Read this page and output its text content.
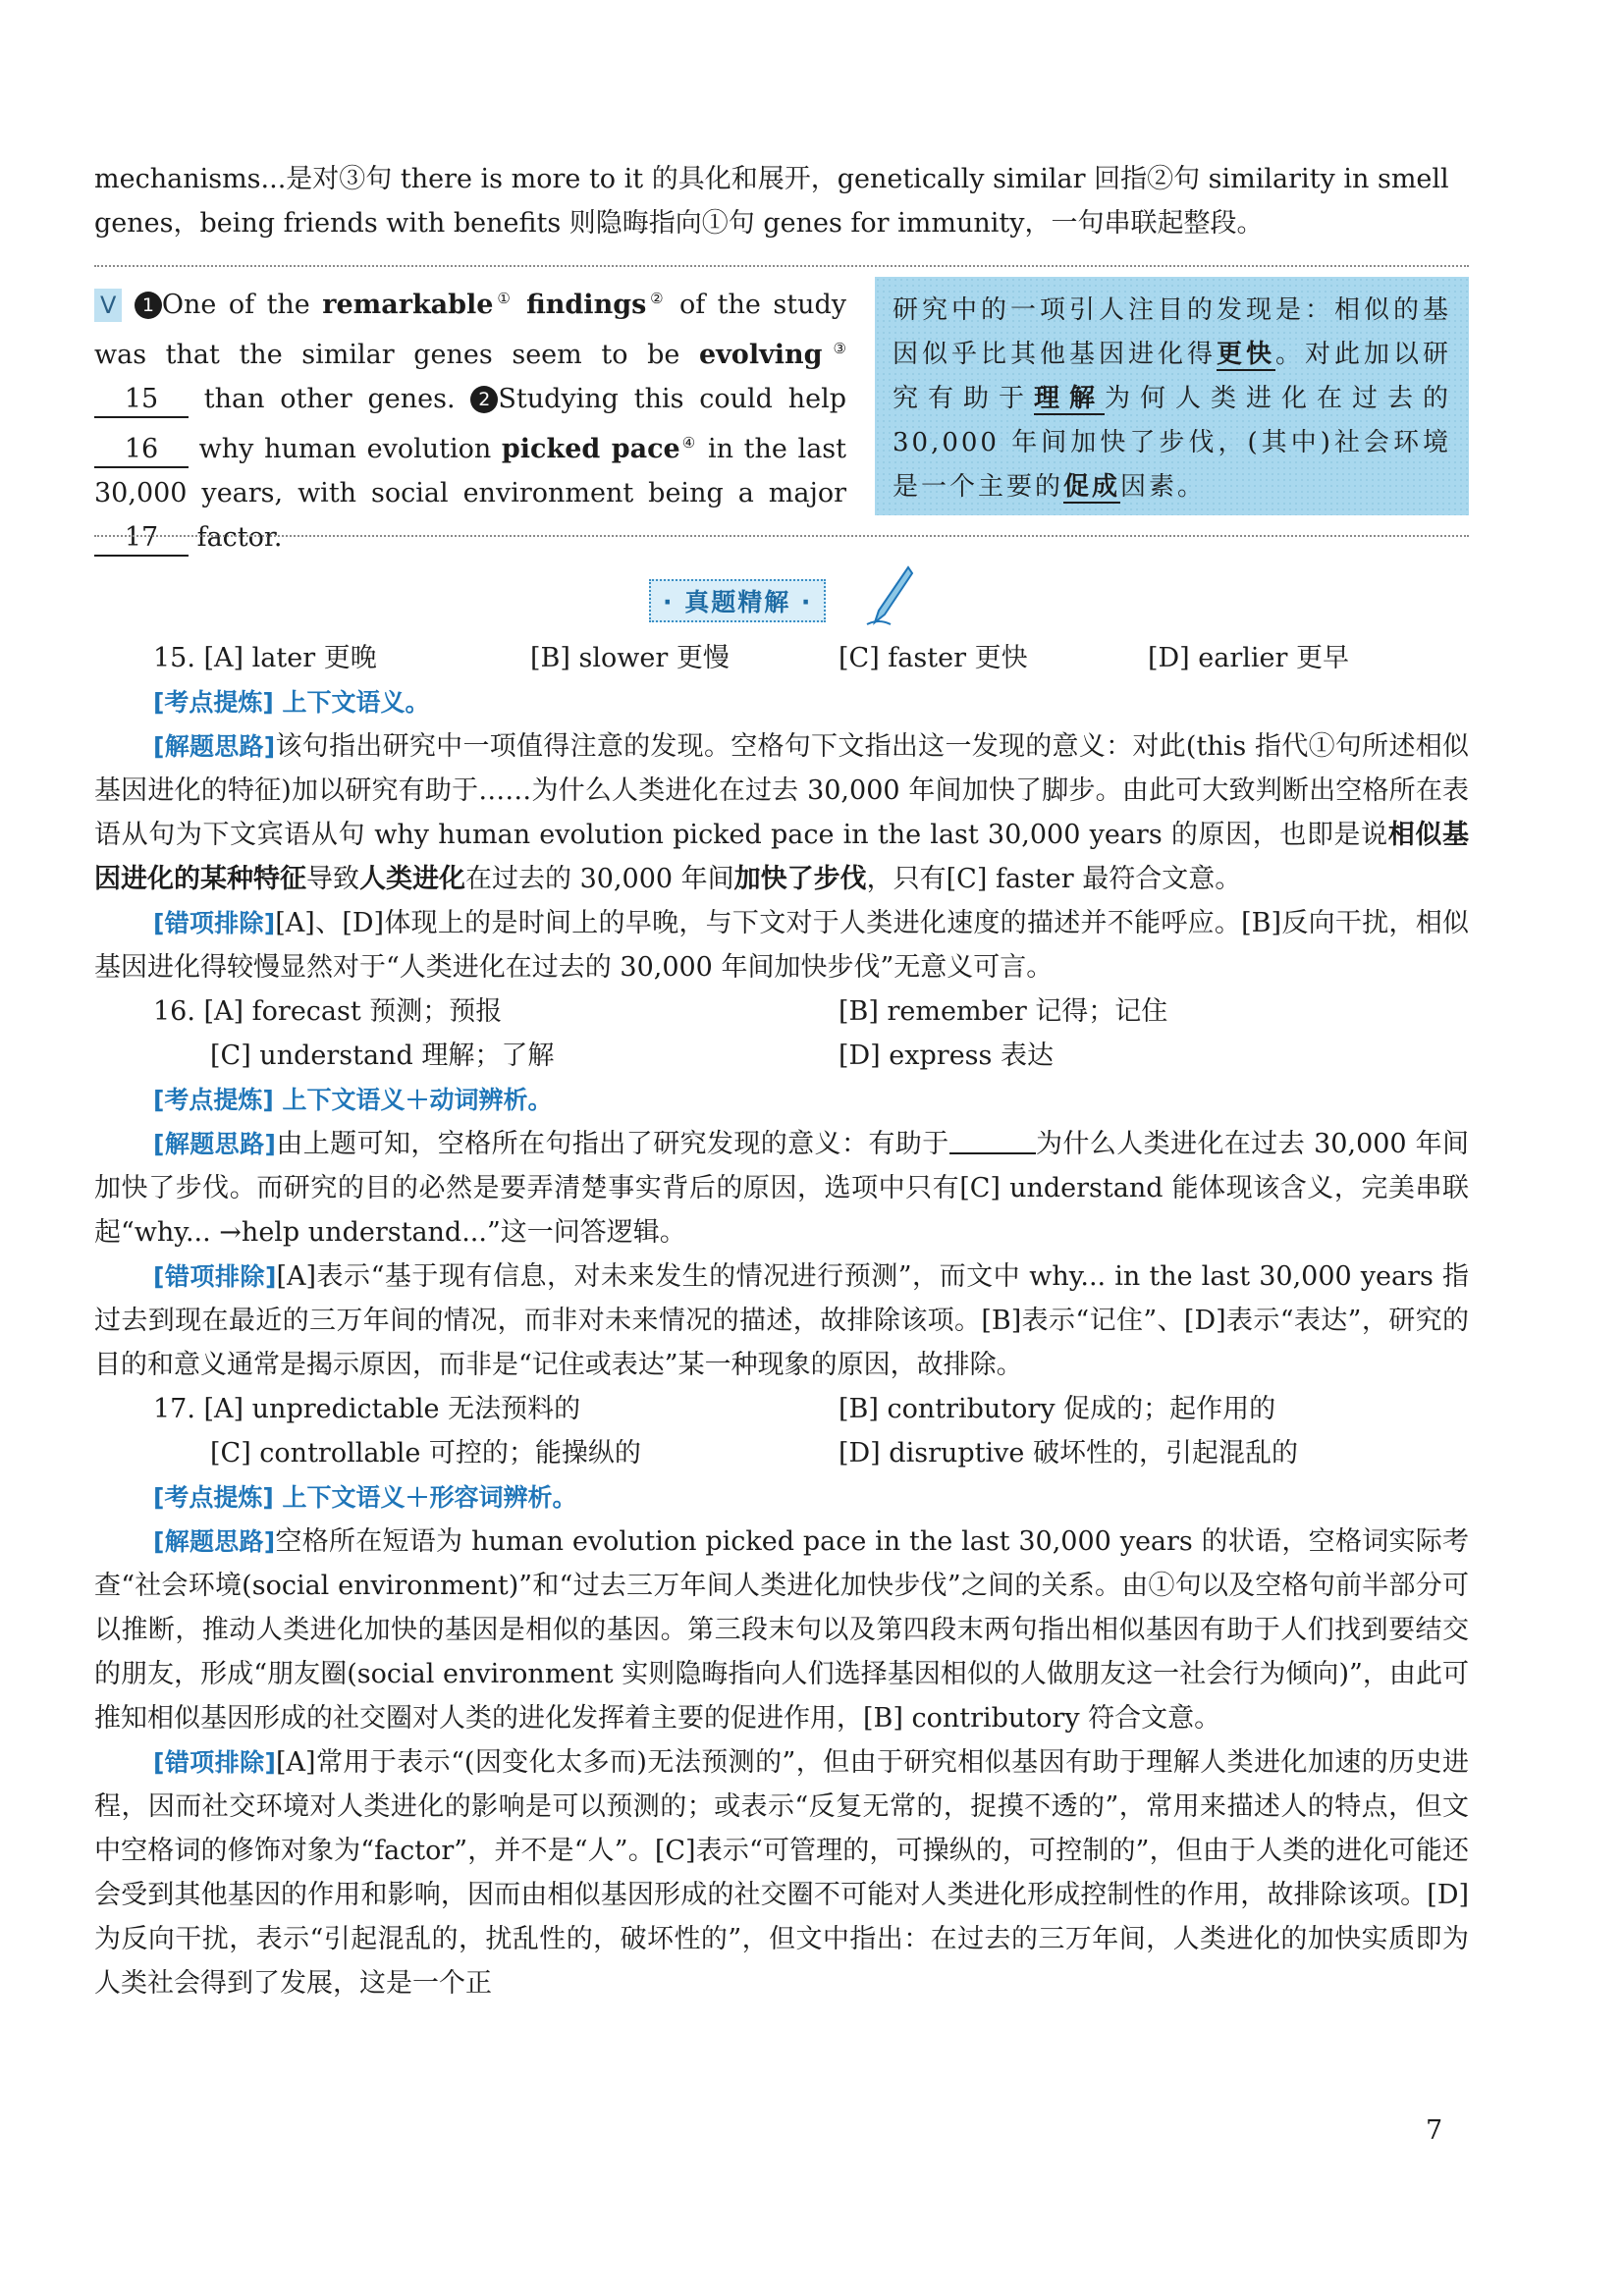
mechanisms...是对③句 there is more to it 的具化和展开，genetically similar 回指②句 similarity in smell

genes，being friends with benefits 则隐晦指向①句 genes for immunity，一句串联起整段。

V 1 One of the remarkable① findings② of the study was that the similar genes seem to be evolving③ 15 than other genes. 2 Studying this could help 16 why human evolution picked pace④ in the last 30,000 years, with social environment being a major 17 factor.

研究中的一项引人注目的发现是：相似的基因似乎比其他基因进化得更快。对此加以研究有助于理解为何人类进化在过去的 30,000 年间加快了步伐，(其中)社会环境是一个主要的促成因素。
· 真题精解 ·
15. [A] later 更晚	[B] slower 更慢	[C] faster 更快	[D] earlier 更早

[考点提炼] 上下文语义。

[解题思路]该句指出研究中一项值得注意的发现。空格句下文指出这一发现的意义：对此(this 指代①句所述相似基因进化的特征)加以研究有助于……为什么人类进化在过去 30,000 年间加快了脚步。由此可大致判断出空格所在表语从句为下文宾语从句 why human evolution picked pace in the last 30,000 years 的原因，也即是说相似基因进化的某种特征导致人类进化在过去的 30,000 年间加快了步伐，只有[C] faster 最符合文意。

[错项排除][A]、[D]体现上的是时间上的早晚，与下文对于人类进化速度的描述并不能呼应。[B]反向干扰，相似基因进化得较慢显然对于“人类进化在过去的 30,000 年间加快步伐”无意义可言。

16. [A] forecast 预测；预报	[B] remember 记得；记住
[C] understand 理解；了解	[D] express 表达

[考点提炼] 上下文语义＋动词辨析。

[解题思路]由上题可知，空格所在句指出了研究发现的意义：有助于	为什么人类进化在过去 30,000 年间加快了步伐。而研究的目的必然是要弄清楚事实背后的原因，选项中只有[C] understand 能体现该含义，完美串联起“why... →help understand...”这一问答逻辑。

[错项排除][A]表示“基于现有信息，对未来发生的情况进行预测”，而文中 why... in the last 30,000 years 指过去到现在最近的三万年间的情况，而非对未来情况的描述，故排除该项。[B]表示“记住”、[D]表示“表达”，研究的目的和意义通常是揭示原因，而非是“记住或表达”某一种现象的原因，故排除。

17. [A] unpredictable 无法预料的	[B] contributory 促成的；起作用的
[C] controllable 可控的；能操纵的	[D] disruptive 破坏性的，引起混乱的

[考点提炼] 上下文语义＋形容词辨析。

[解题思路]空格所在短语为 human evolution picked pace in the last 30,000 years 的状语，空格词实际考查“社会环境(social environment)”和“过去三万年间人类进化加快步伐”之间的关系。由①句以及空格句前半部分可以推断，推动人类进化加快的基因是相似的基因。第三段末句以及第四段末两句指出相似基因有助于人们找到要结交的朋友，形成“朋友圈(social environment 实则隐晦指向人们选择基因相似的人做朋友这一社会行为倾向)”，由此可推知相似基因形成的社交圈对人类的进化发挥着主要的促进作用，[B] contributory 符合文意。

[错项排除][A]常用于表示“(因变化太多而)无法预测的”，但由于研究相似基因有助于理解人类进化加速的历史进程，因而社交环境对人类进化的影响是可以预测的；或表示“反复无常的，捉摸不透的”，常用来描述人的特点，但文中空格词的修饰对象为“factor”，并不是“人”。[C]表示“可管理的，可操纵的，可控制的”，但由于人类的进化可能还会受到其他基因的作用和影响，因而由相似基因形成的社交圈不可能对人类进化形成控制性的作用，故排除该项。[D]为反向干扰，表示“引起混乱的，扰乱性的，破坏性的”，但文中指出：在过去的三万年间，人类进化的加快实质即为人类社会得到了发展，这是一个正

7
